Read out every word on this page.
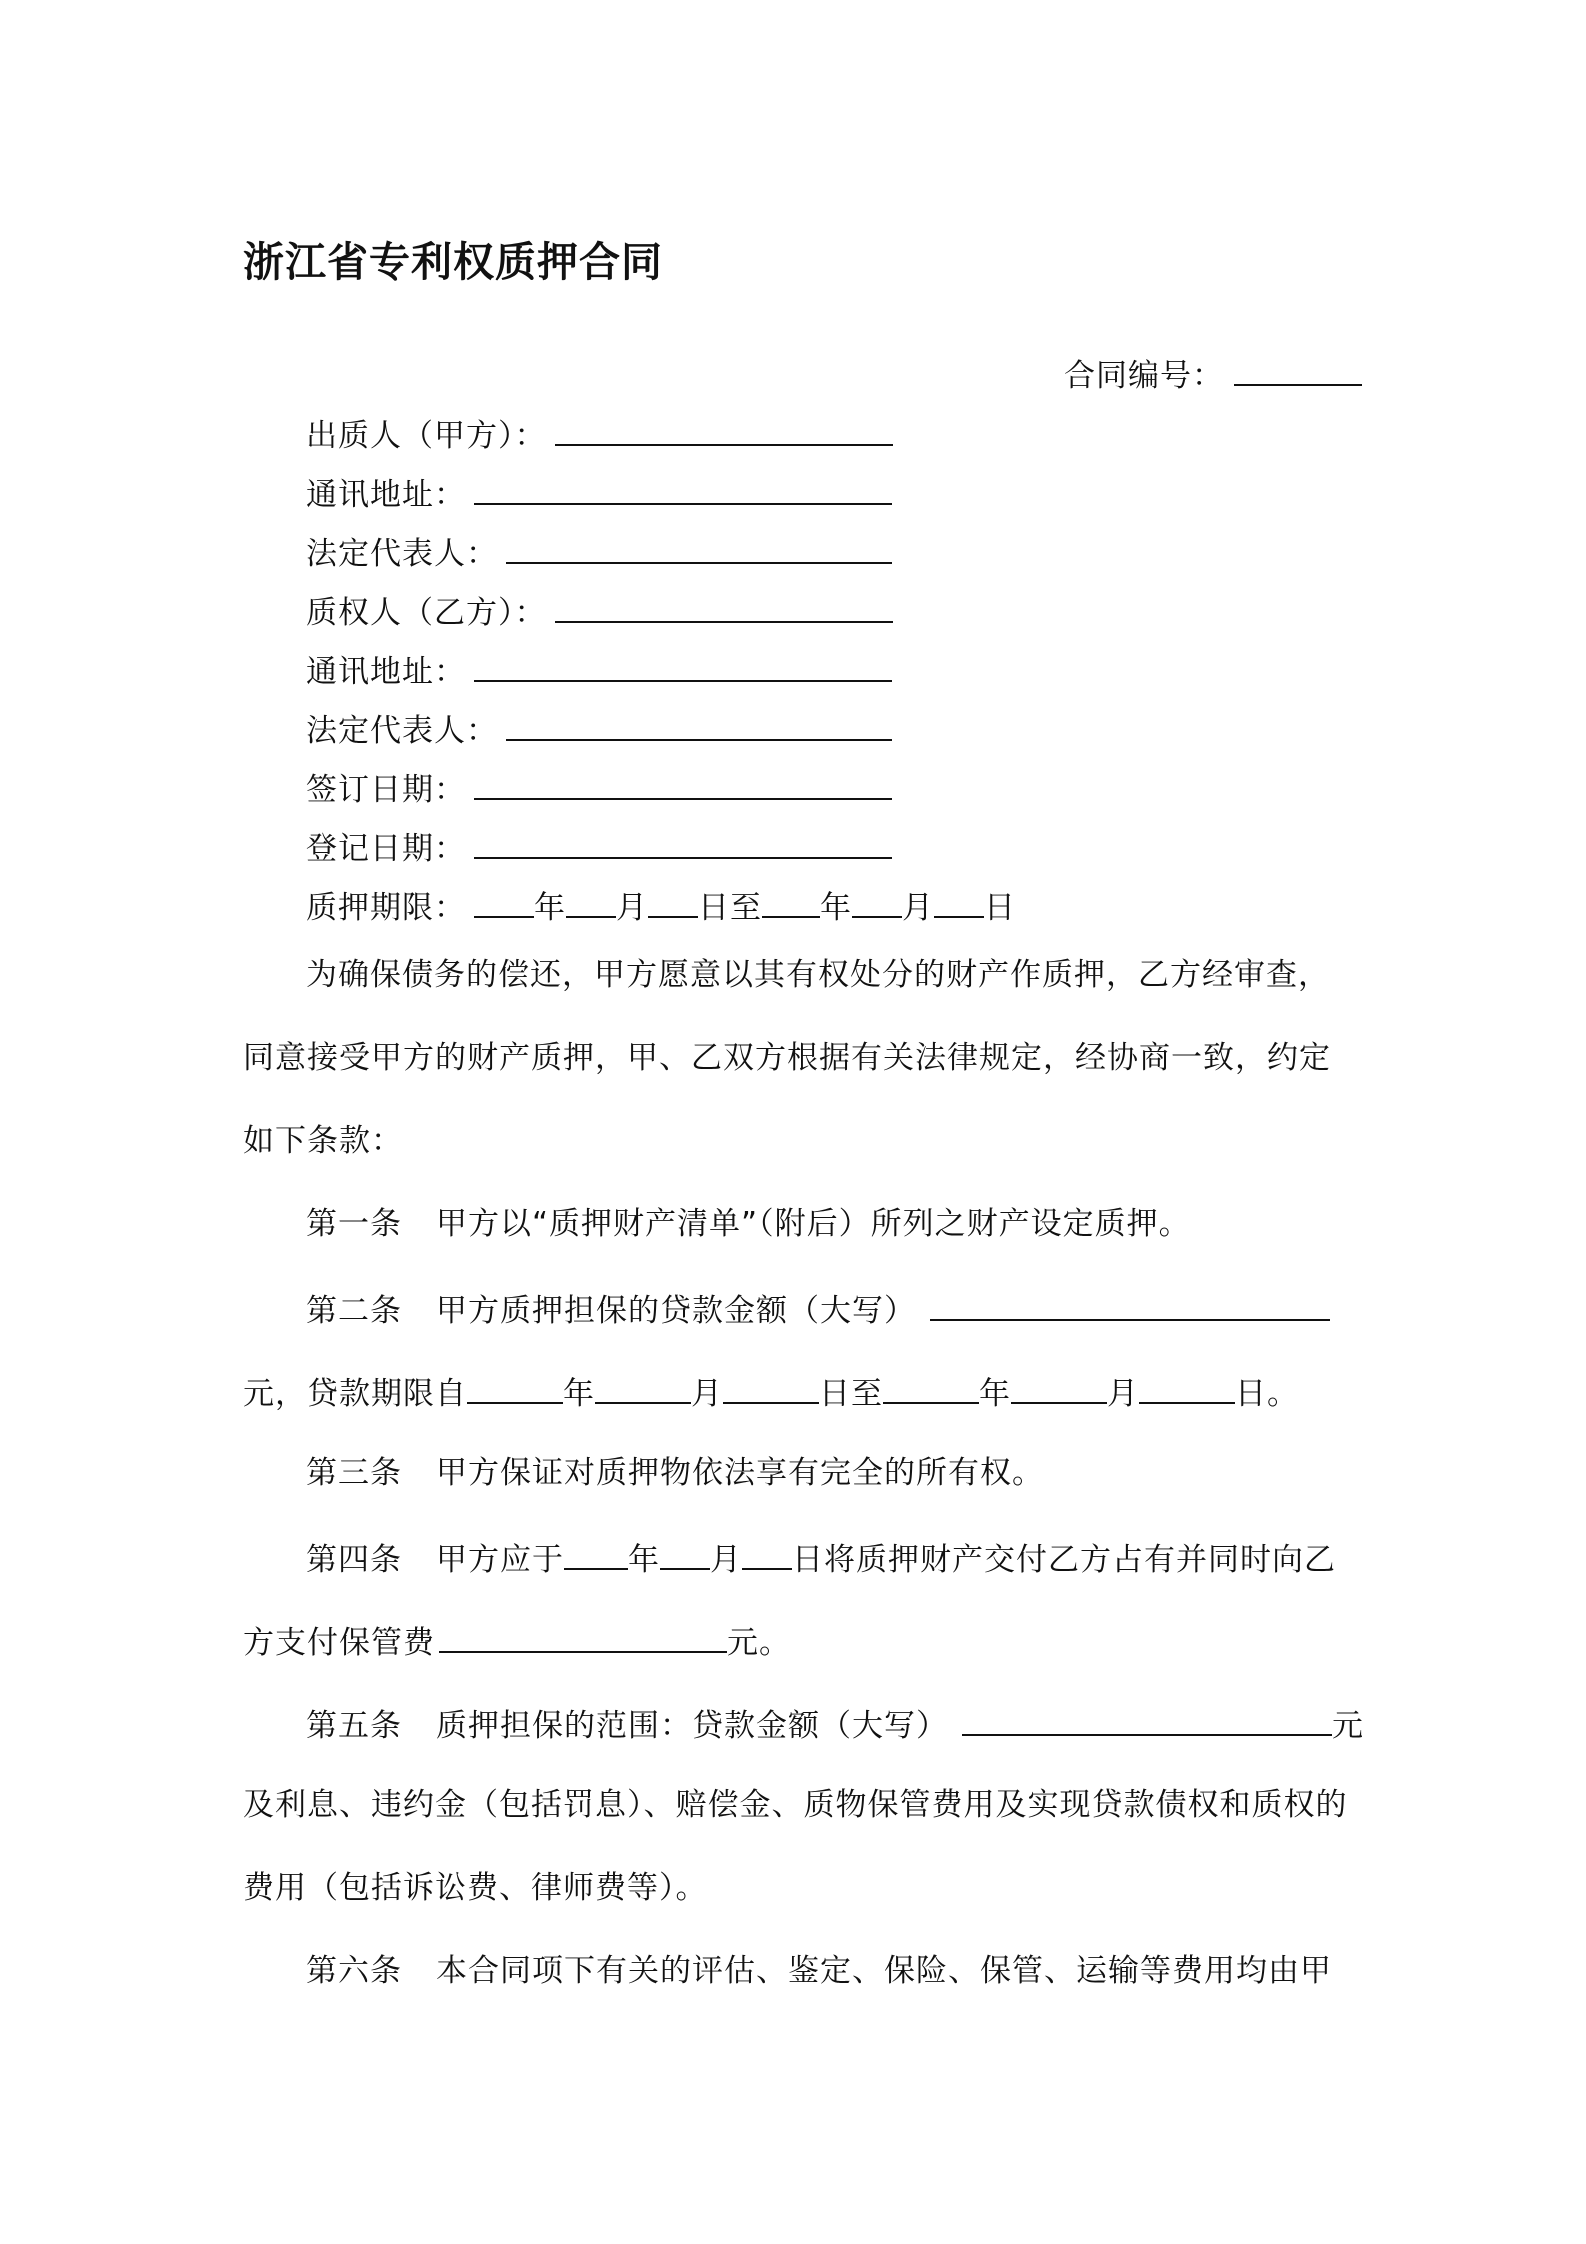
浙江省专利权质押合同
合同编号：
出质人（甲方）：
通讯地址：
法定代表人：
质权人（乙方）：
通讯地址：
法定代表人：
签订日期：
登记日期：
质押期限： 年 月 日至 年 月 日
为确保债务的偿还，甲方愿意以其有权处分的财产作质押，乙方经审查，
同意接受甲方的财产质押，甲、乙双方根据有关法律规定，经协商一致，约定
如下条款：
第一条 甲方以“质押财产清单”（附后）所列之财产设定质押。
第二条 甲方质押担保的贷款金额（大写）
元，贷款期限自	年	月	日至	年	月	日。
第三条 甲方保证对质押物依法享有完全的所有权。
第四条 甲方应于 年 月 日将质押财产交付乙方占有并同时向乙
方支付保管费	元。
第五条 质押担保的范围：贷款金额（大写）	元
及利息、违约金（包括罚息）、赔偿金、质物保管费用及实现贷款债权和质权的
费用（包括诉讼费、律师费等）。
第六条 本合同项下有关的评估、鉴定、保险、保管、运输等费用均由甲
